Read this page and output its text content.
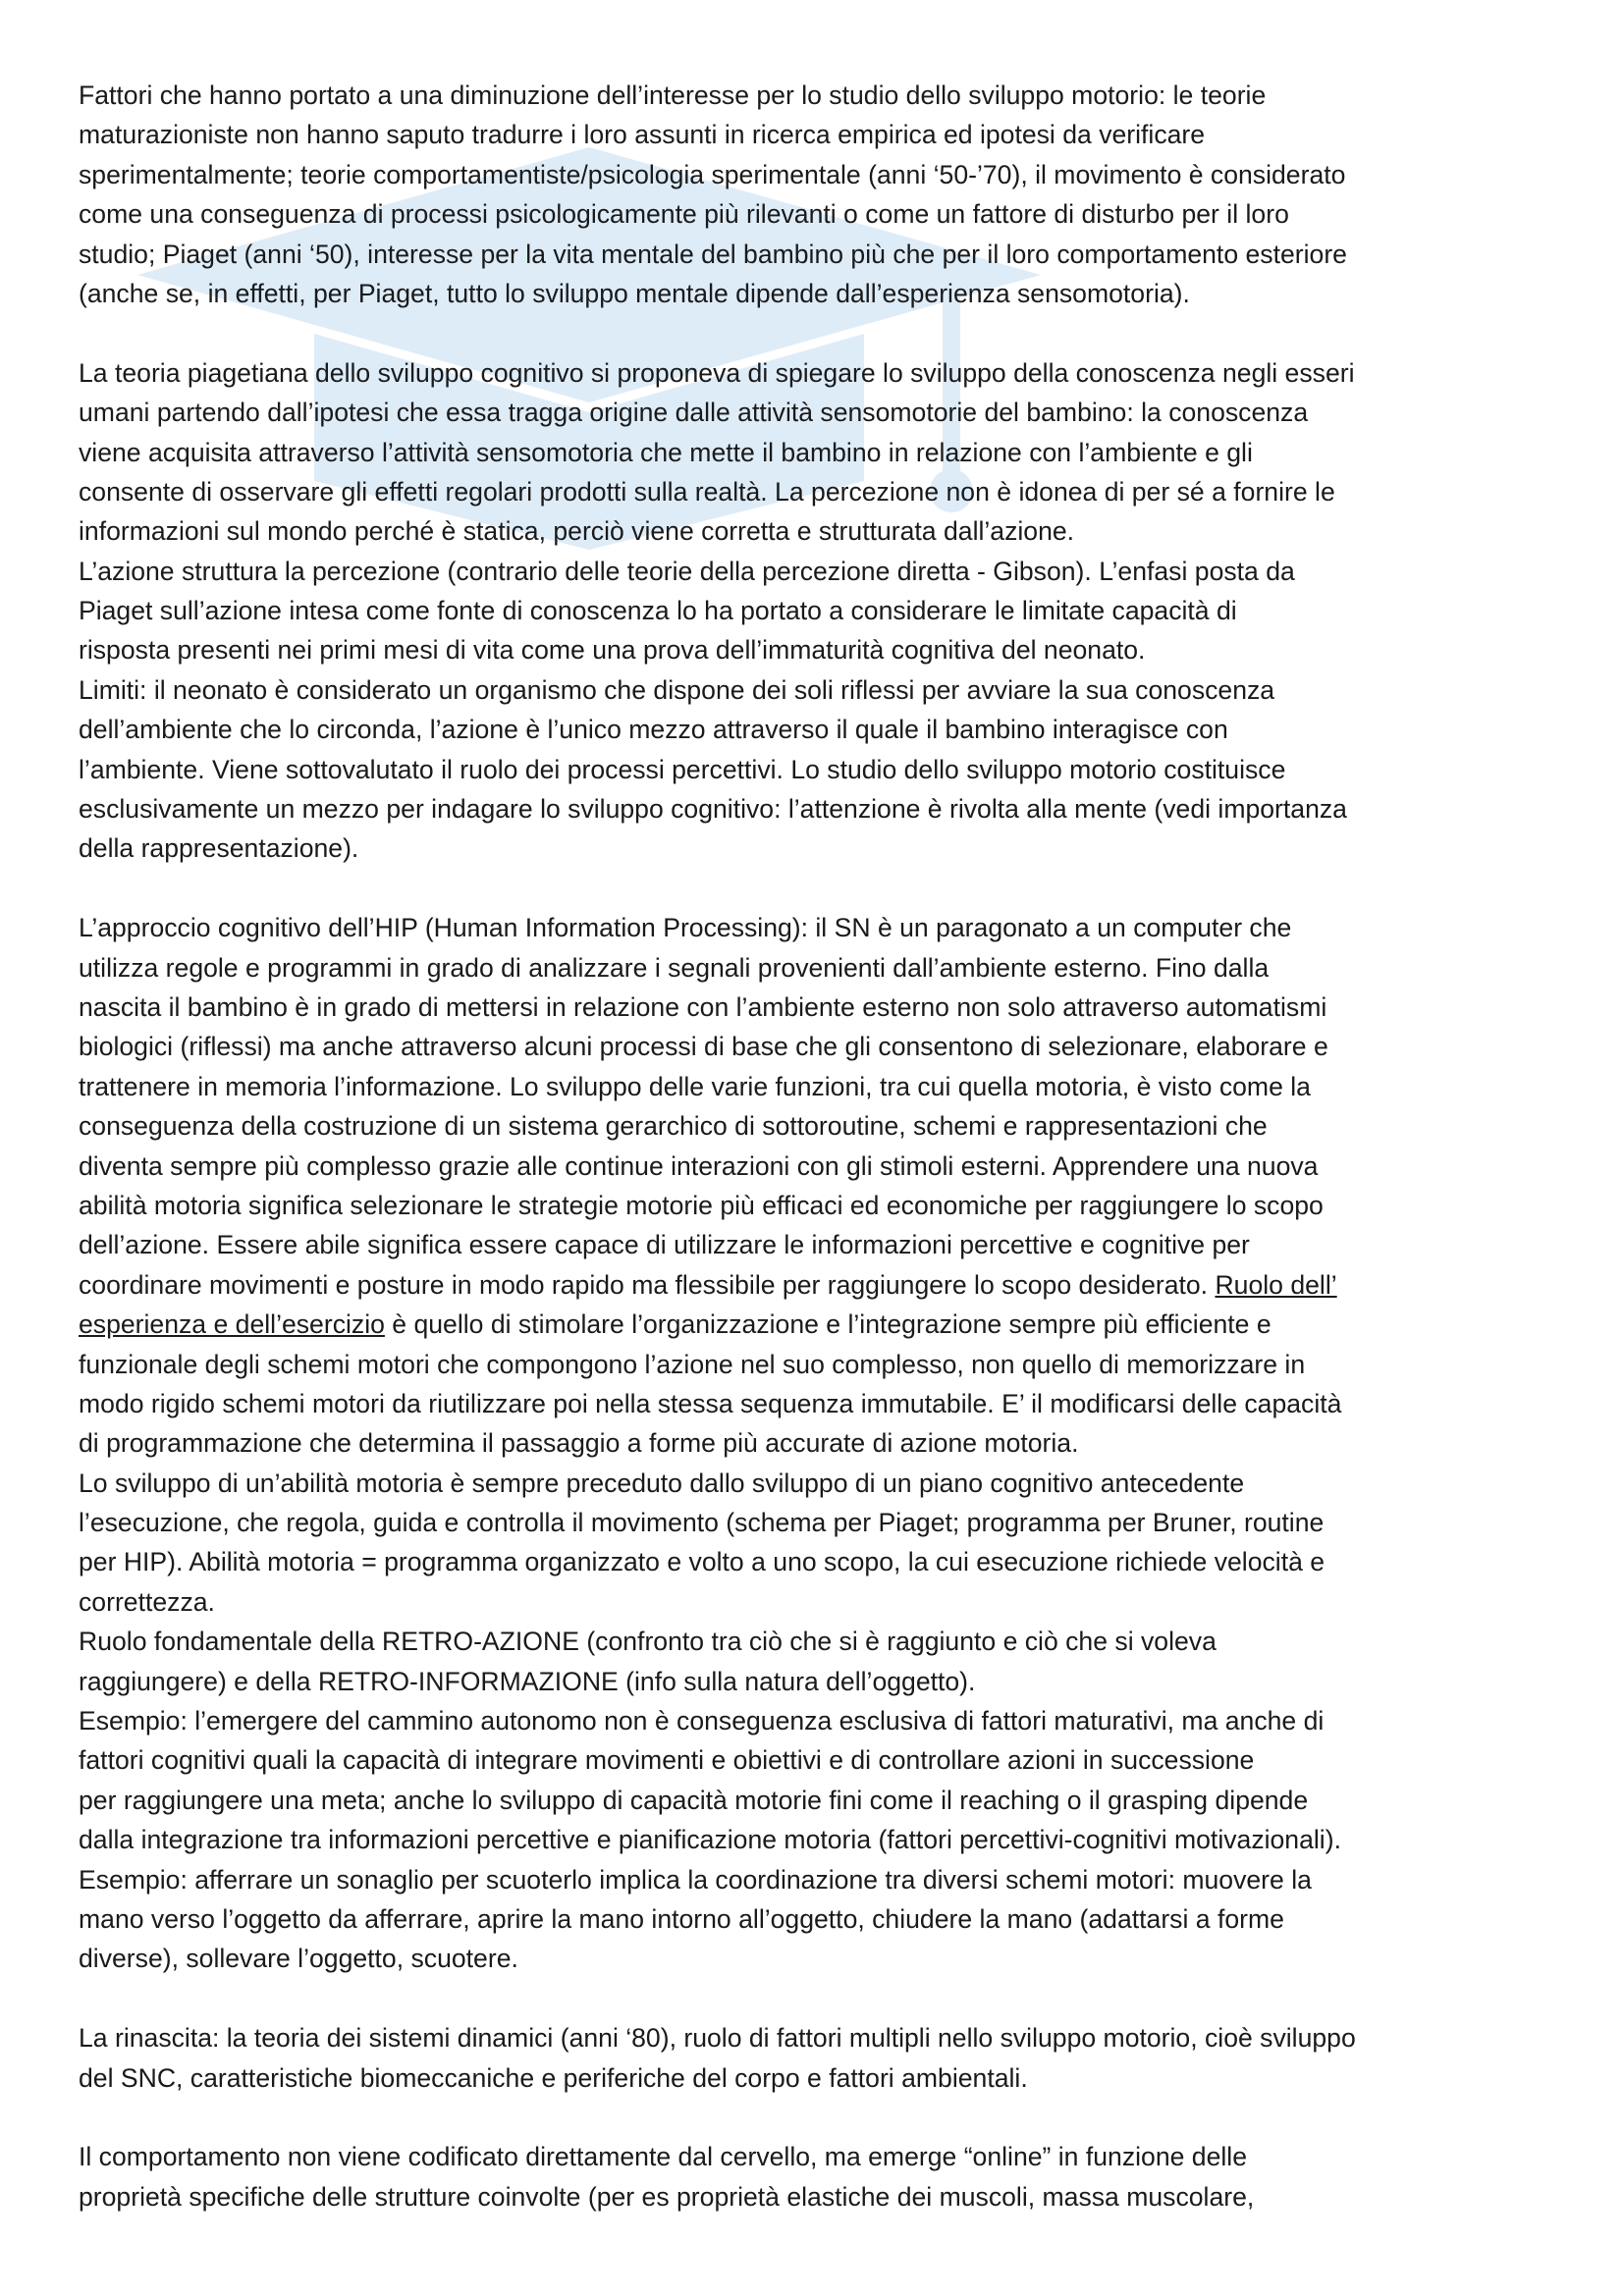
Fattori che hanno portato a una diminuzione dell’interesse per lo studio dello sviluppo motorio: le teorie
maturazioniste non hanno saputo tradurre i loro assunti in ricerca empirica ed ipotesi da verificare
sperimentalmente; teorie comportamentiste/psicologia sperimentale (anni ‘50-’70), il movimento è considerato
come una conseguenza di processi psicologicamente più rilevanti o come un fattore di disturbo per il loro
studio; Piaget (anni ‘50), interesse per la vita mentale del bambino più che per il loro comportamento esteriore
(anche se, in effetti, per Piaget, tutto lo sviluppo mentale dipende dall’esperienza sensomotoria).
La teoria piagetiana dello sviluppo cognitivo si proponeva di spiegare lo sviluppo della conoscenza negli esseri
umani partendo dall’ipotesi che essa tragga origine dalle attività sensomotorie del bambino: la conoscenza
viene acquisita attraverso l’attività sensomotoria che mette il bambino in relazione con l’ambiente e gli
consente di osservare gli effetti regolari prodotti sulla realtà. La percezione non è idonea di per sé a fornire le
informazioni sul mondo perché è statica, perciò viene corretta e strutturata dall’azione.
L’azione struttura la percezione (contrario delle teorie della percezione diretta - Gibson). L’enfasi posta da
Piaget sull’azione intesa come fonte di conoscenza lo ha portato a considerare le limitate capacità di
risposta presenti nei primi mesi di vita come una prova dell’immaturità cognitiva del neonato.
Limiti: il neonato è considerato un organismo che dispone dei soli riflessi per avviare la sua conoscenza
dell’ambiente che lo circonda, l’azione è l’unico mezzo attraverso il quale il bambino interagisce con
l’ambiente. Viene sottovalutato il ruolo dei processi percettivi. Lo studio dello sviluppo motorio costituisce
esclusivamente un mezzo per indagare lo sviluppo cognitivo: l’attenzione è rivolta alla mente (vedi importanza
della rappresentazione).
L’approccio cognitivo dell’HIP (Human Information Processing): il SN è un paragonato a un computer che
utilizza regole e programmi in grado di analizzare i segnali provenienti dall’ambiente esterno. Fino dalla
nascita il bambino è in grado di mettersi in relazione con l’ambiente esterno non solo attraverso automatismi
biologici (riflessi) ma anche attraverso alcuni processi di base che gli consentono di selezionare, elaborare e
trattenere in memoria l’informazione. Lo sviluppo delle varie funzioni, tra cui quella motoria, è visto come la
conseguenza della costruzione di un sistema gerarchico di sottoroutine, schemi e rappresentazioni che
diventa sempre più complesso grazie alle continue interazioni con gli stimoli esterni. Apprendere una nuova
abilità motoria significa selezionare le strategie motorie più efficaci ed economiche per raggiungere lo scopo
dell’azione. Essere abile significa essere capace di utilizzare le informazioni percettive e cognitive per
coordinare movimenti e posture in modo rapido ma flessibile per raggiungere lo scopo desiderato. Ruolo dell’
esperienza e dell’esercizio è quello di stimolare l’organizzazione e l’integrazione sempre più efficiente e
funzionale degli schemi motori che compongono l’azione nel suo complesso, non quello di memorizzare in
modo rigido schemi motori da riutilizzare poi nella stessa sequenza immutabile. E’ il modificarsi delle capacità
di programmazione che determina il passaggio a forme più accurate di azione motoria.
Lo sviluppo di un’abilità motoria è sempre preceduto dallo sviluppo di un piano cognitivo antecedente
l’esecuzione, che regola, guida e controlla il movimento (schema per Piaget; programma per Bruner, routine
per HIP). Abilità motoria = programma organizzato e volto a uno scopo, la cui esecuzione richiede velocità e
correttezza.
Ruolo fondamentale della RETRO-AZIONE (confronto tra ciò che si è raggiunto e ciò che si voleva
raggiungere) e della RETRO-INFORMAZIONE (info sulla natura dell’oggetto).
Esempio: l’emergere del cammino autonomo non è conseguenza esclusiva di fattori maturativi, ma anche di
fattori cognitivi quali la capacità di integrare movimenti e obiettivi e di controllare azioni in successione
per raggiungere una meta; anche lo sviluppo di capacità motorie fini come il reaching o il grasping dipende
dalla integrazione tra informazioni percettive e pianificazione motoria (fattori percettivi-cognitivi motivazionali).
Esempio: afferrare un sonaglio per scuoterlo implica la coordinazione tra diversi schemi motori: muovere la
mano verso l’oggetto da afferrare, aprire la mano intorno all’oggetto, chiudere la mano (adattarsi a forme
diverse), sollevare l’oggetto, scuotere.
La rinascita: la teoria dei sistemi dinamici (anni ‘80), ruolo di fattori multipli nello sviluppo motorio, cioè sviluppo
del SNC, caratteristiche biomeccaniche e periferiche del corpo e fattori ambientali.
Il comportamento non viene codificato direttamente dal cervello, ma emerge “online” in funzione delle
proprietà specifiche delle strutture coinvolte (per es proprietà elastiche dei muscoli, massa muscolare,
